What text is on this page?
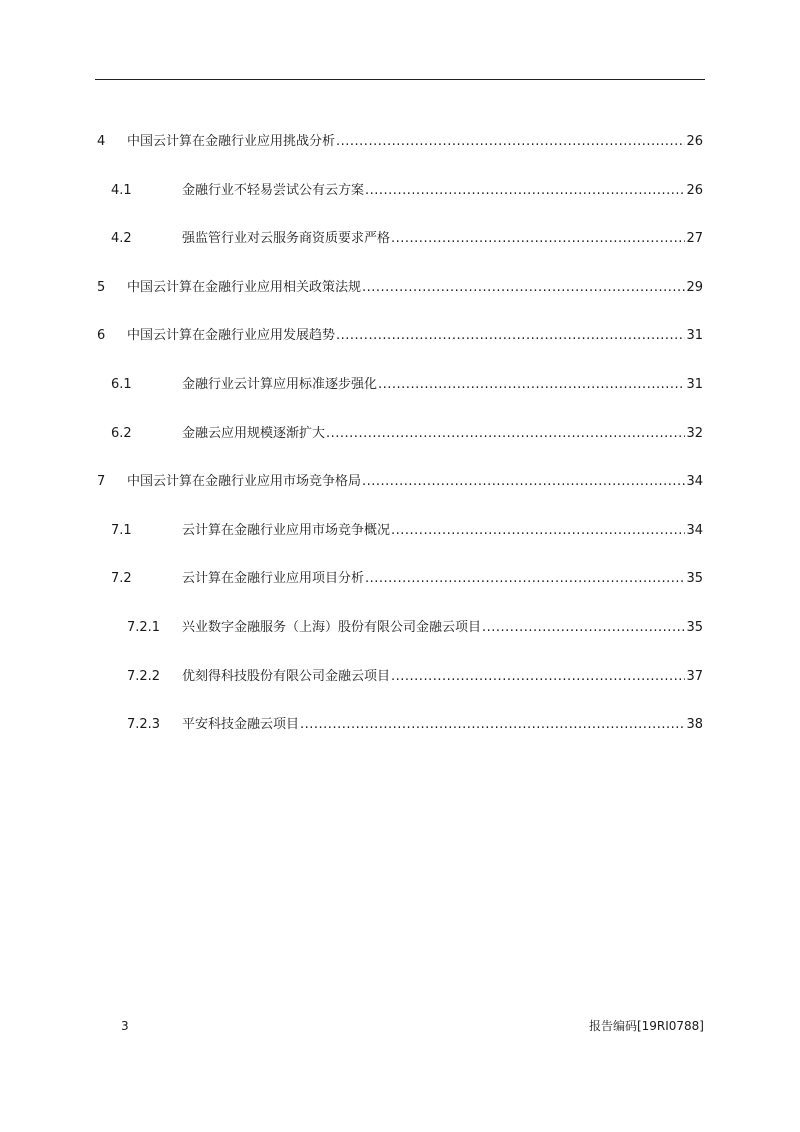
4 中国云计算在金融行业应用挑战分析 .....	26
4.1	金融行业不轻易尝试公有云方案 .....	26
4.2	强监管行业对云服务商资质要求严格 .....	27
5 中国云计算在金融行业应用相关政策法规 .....	29
6 中国云计算在金融行业应用发展趋势 .....	31
6.1	金融行业云计算应用标准逐步强化 .....	31
6.2	金融云应用规模逐渐扩大 .....	32
7 中国云计算在金融行业应用市场竞争格局 .....	34
7.1	云计算在金融行业应用市场竞争概况 .....	34
7.2	云计算在金融行业应用项目分析 .....	35
7.2.1 兴业数字金融服务（上海）股份有限公司金融云项目 .....	35
7.2.2 优刻得科技股份有限公司金融云项目 .....	37
7.2.3 平安科技金融云项目 .....	38
3	报告编码[19RI0788]
